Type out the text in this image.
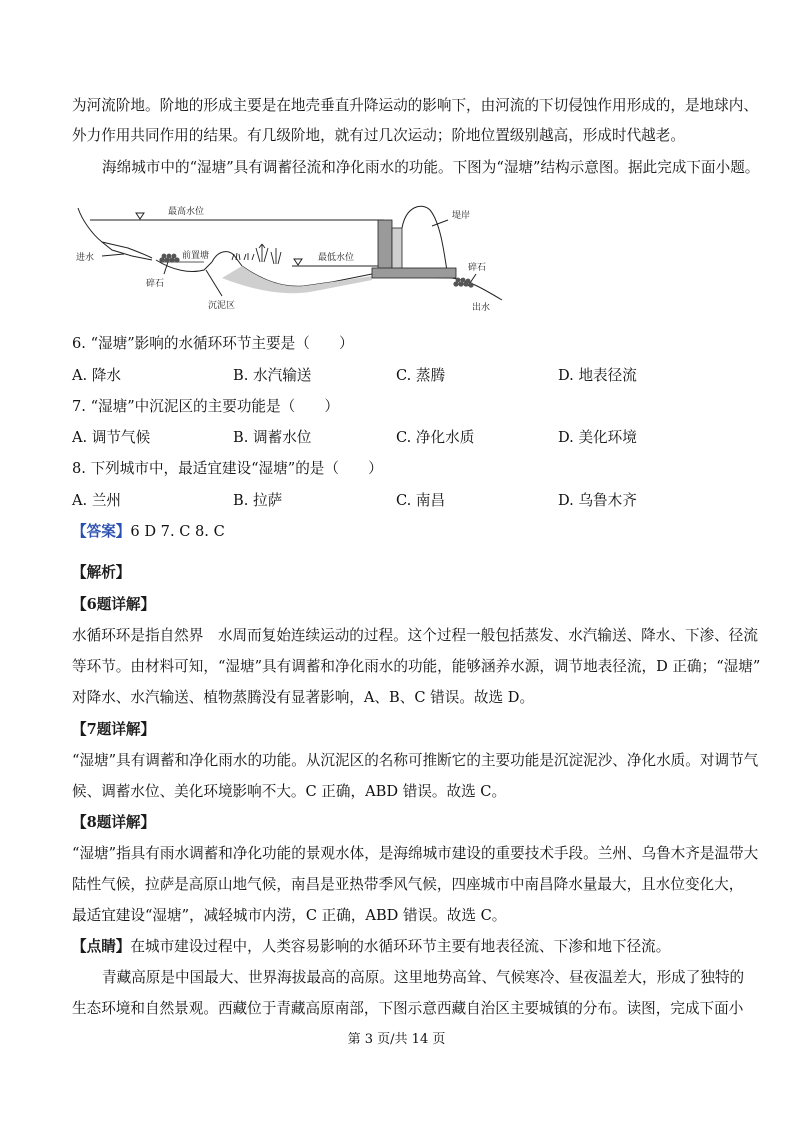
为河流阶地。阶地的形成主要是在地壳垂直升降运动的影响下，由河流的下切侵蚀作用形成的，是地球内、
外力作用共同作用的结果。有几级阶地，就有过几次运动；阶地位置级别越高，形成时代越老。
海绵城市中的“湿塘”具有调蓄径流和净化雨水的功能。下图为“湿塘”结构示意图。据此完成下面小题。
最高水位
进水	前置塘
碎石
沉泥区
最低水位
堤岸
碎石
出水
6. “湿塘”影响的水循环环节主要是（　　）
A. 降水	B. 水汽输送	C. 蒸腾	D. 地表径流
7. “湿塘”中沉泥区的主要功能是（　　）
A. 调节气候	B. 调蓄水位	C. 净化水质	D. 美化环境
8. 下列城市中，最适宜建设“湿塘”的是（　　）
A. 兰州	B. 拉萨	C. 南昌	D. 乌鲁木齐
【答案】6 D 7. C 8. C
【解析】
【6题详解】
水循环环是指自然界　水周而复始连续运动的过程。这个过程一般包括蒸发、水汽输送、降水、下渗、径流
等环节。由材料可知，“湿塘”具有调蓄和净化雨水的功能，能够涵养水源，调节地表径流，D 正确；“湿塘”
对降水、水汽输送、植物蒸腾没有显著影响，A、B、C 错误。故选 D。
【7题详解】
“湿塘”具有调蓄和净化雨水的功能。从沉泥区的名称可推断它的主要功能是沉淀泥沙、净化水质。对调节气
候、调蓄水位、美化环境影响不大。C 正确，ABD 错误。故选 C。
【8题详解】
“湿塘”指具有雨水调蓄和净化功能的景观水体，是海绵城市建设的重要技术手段。兰州、乌鲁木齐是温带大
陆性气候，拉萨是高原山地气候，南昌是亚热带季风气候，四座城市中南昌降水量最大，且水位变化大，
最适宜建设“湿塘”，减轻城市内涝，C 正确，ABD 错误。故选 C。
【点睛】在城市建设过程中，人类容易影响的水循环环节主要有地表径流、下渗和地下径流。
青藏高原是中国最大、世界海拔最高的高原。这里地势高耸、气候寒冷、昼夜温差大，形成了独特的
生态环境和自然景观。西藏位于青藏高原南部，下图示意西藏自治区主要城镇的分布。读图，完成下面小
第 3 页/共 14 页
